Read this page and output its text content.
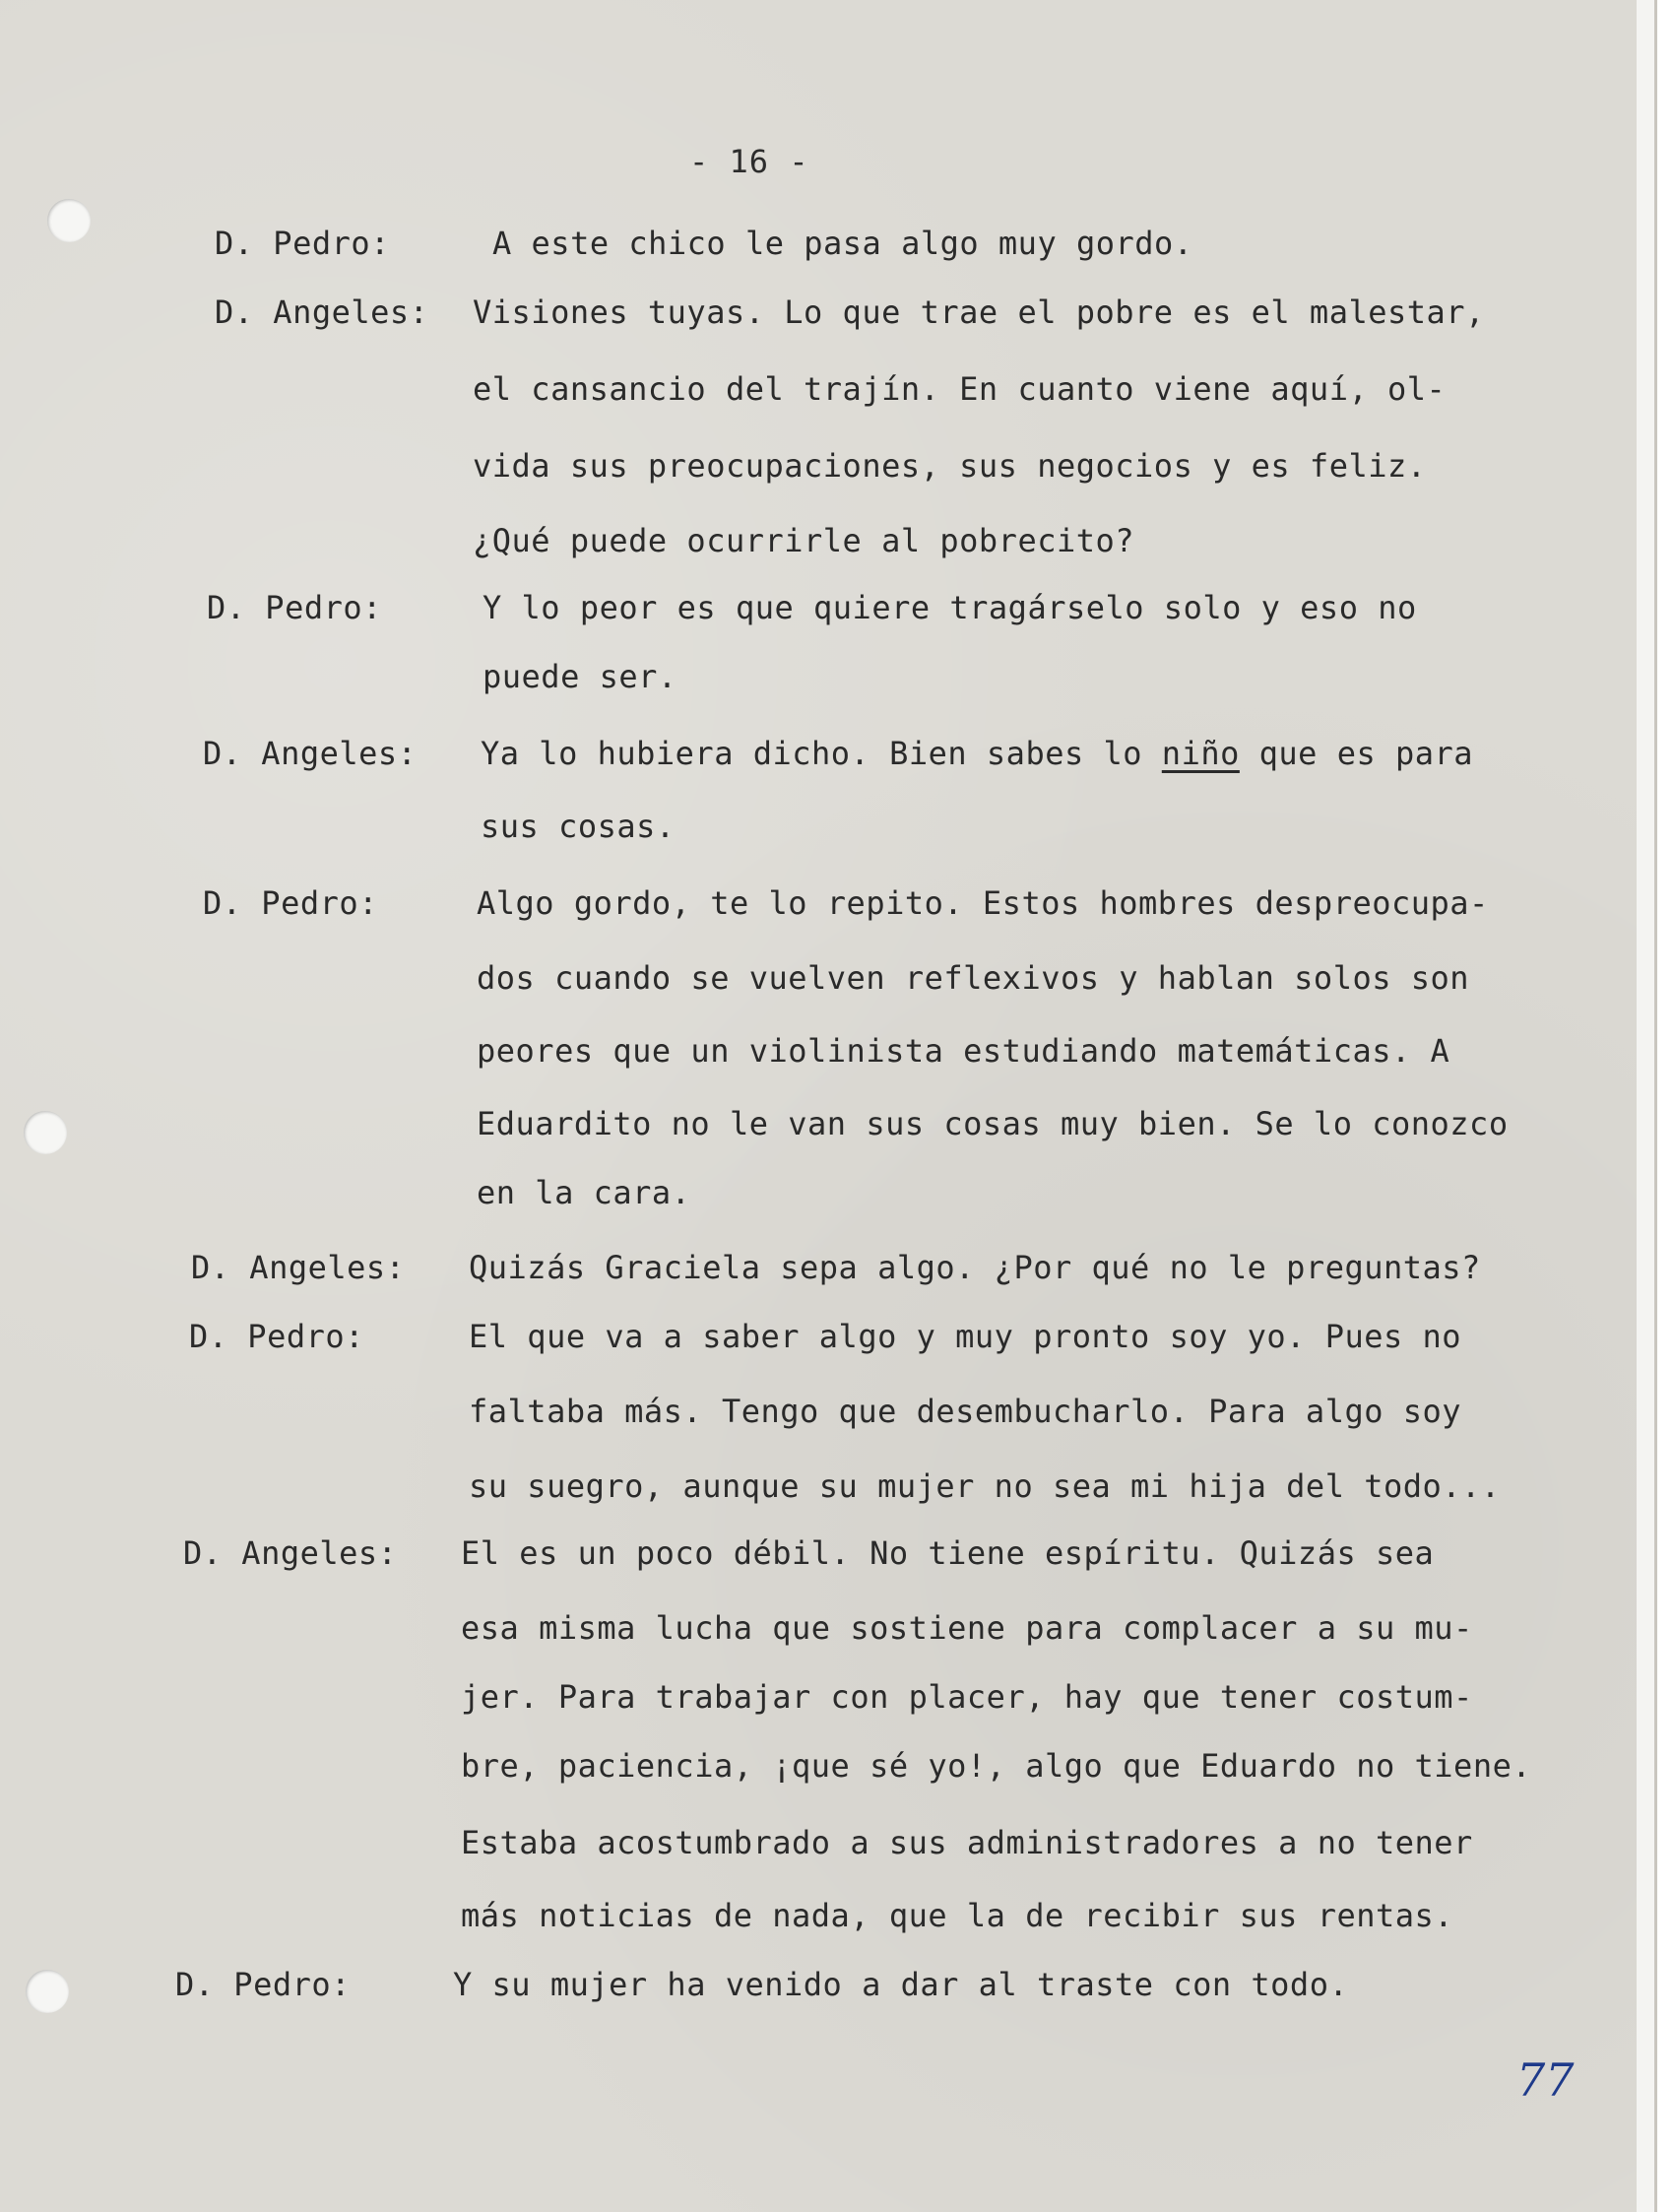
- 16 -
D. Pedro:	A este chico le pasa algo muy gordo.
D. Angeles: Visiones tuyas. Lo que trae el pobre es el malestar,
el cansancio del trajín. En cuanto viene aquí, ol-
vida sus preocupaciones, sus negocios y es feliz.
¿Qué puede ocurrirle al pobrecito?
D. Pedro:	Y lo peor es que quiere tragárselo solo y eso no
puede ser.
D. Angeles: Ya lo hubiera dicho. Bien sabes lo niño que es para
sus cosas.
D. Pedro:	Algo gordo, te lo repito. Estos hombres despreocupa-
dos cuando se vuelven reflexivos y hablan solos son
peores que un violinista estudiando matemáticas. A
Eduardito no le van sus cosas muy bien. Se lo conozco
en la cara.
D. Angeles: Quizás Graciela sepa algo. ¿Por qué no le preguntas?
D. Pedro:	El que va a saber algo y muy pronto soy yo. Pues no
faltaba más. Tengo que desembucharlo. Para algo soy
su suegro, aunque su mujer no sea mi hija del todo...
D. Angeles: El es un poco débil. No tiene espíritu. Quizás sea
esa misma lucha que sostiene para complacer a su mu-
jer. Para trabajar con placer, hay que tener costum-
bre, paciencia, ¡que sé yo!, algo que Eduardo no tiene.
Estaba acostumbrado a sus administradores a no tener
más noticias de nada, que la de recibir sus rentas.
D. Pedro:	Y su mujer ha venido a dar al traste con todo.
77
